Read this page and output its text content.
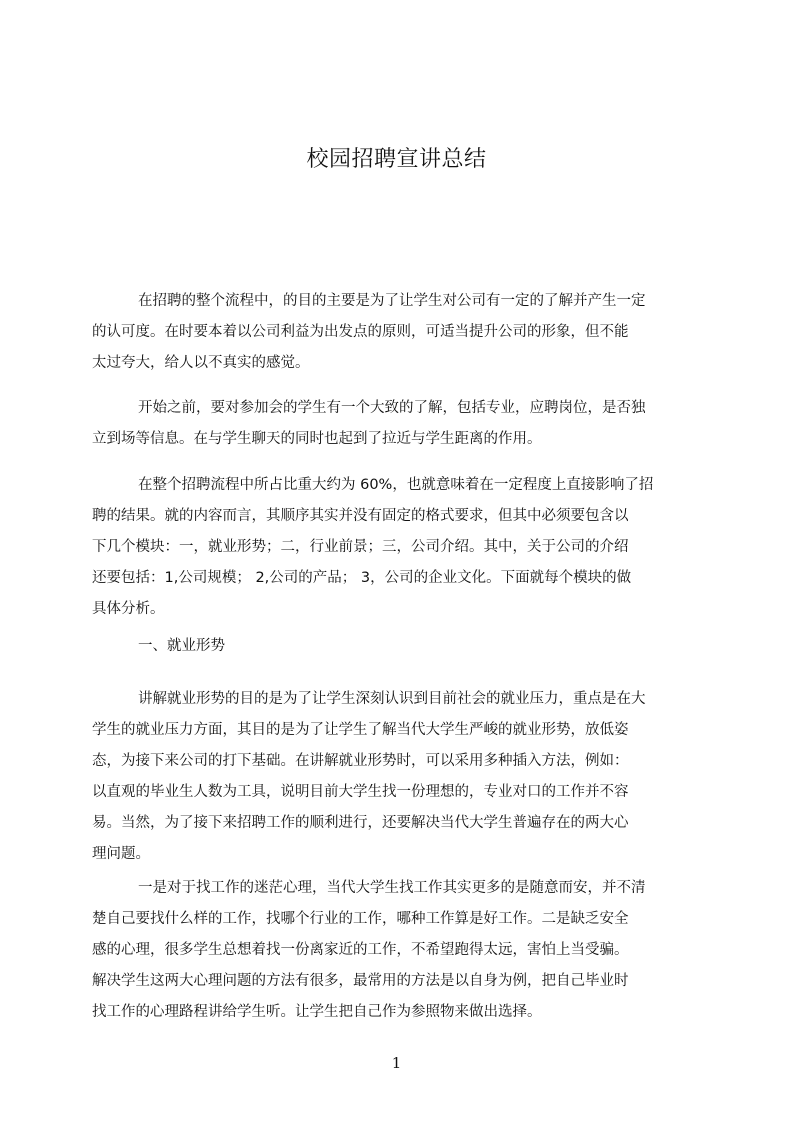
校园招聘宣讲总结
在招聘的整个流程中，的目的主要是为了让学生对公司有一定的了解并产生一定
的认可度。在时要本着以公司利益为出发点的原则，可适当提升公司的形象，但不能
太过夸大，给人以不真实的感觉。
开始之前，要对参加会的学生有一个大致的了解，包括专业，应聘岗位，是否独
立到场等信息。在与学生聊天的同时也起到了拉近与学生距离的作用。
在整个招聘流程中所占比重大约为 60%，也就意味着在一定程度上直接影响了招
聘的结果。就的内容而言，其顺序其实并没有固定的格式要求，但其中必须要包含以
下几个模块：一，就业形势；二，行业前景；三，公司介绍。其中，关于公司的介绍
还要包括：1,公司规模； 2,公司的产品； 3，公司的企业文化。下面就每个模块的做
具体分析。
一、就业形势
讲解就业形势的目的是为了让学生深刻认识到目前社会的就业压力，重点是在大
学生的就业压力方面，其目的是为了让学生了解当代大学生严峻的就业形势，放低姿
态，为接下来公司的打下基础。在讲解就业形势时，可以采用多种插入方法，例如：
以直观的毕业生人数为工具，说明目前大学生找一份理想的，专业对口的工作并不容
易。当然，为了接下来招聘工作的顺利进行，还要解决当代大学生普遍存在的两大心
理问题。
一是对于找工作的迷茫心理，当代大学生找工作其实更多的是随意而安，并不清
楚自己要找什么样的工作，找哪个行业的工作，哪种工作算是好工作。二是缺乏安全
感的心理，很多学生总想着找一份离家近的工作，不希望跑得太远，害怕上当受骗。
解决学生这两大心理问题的方法有很多，最常用的方法是以自身为例，把自己毕业时
找工作的心理路程讲给学生听。让学生把自己作为参照物来做出选择。
1
